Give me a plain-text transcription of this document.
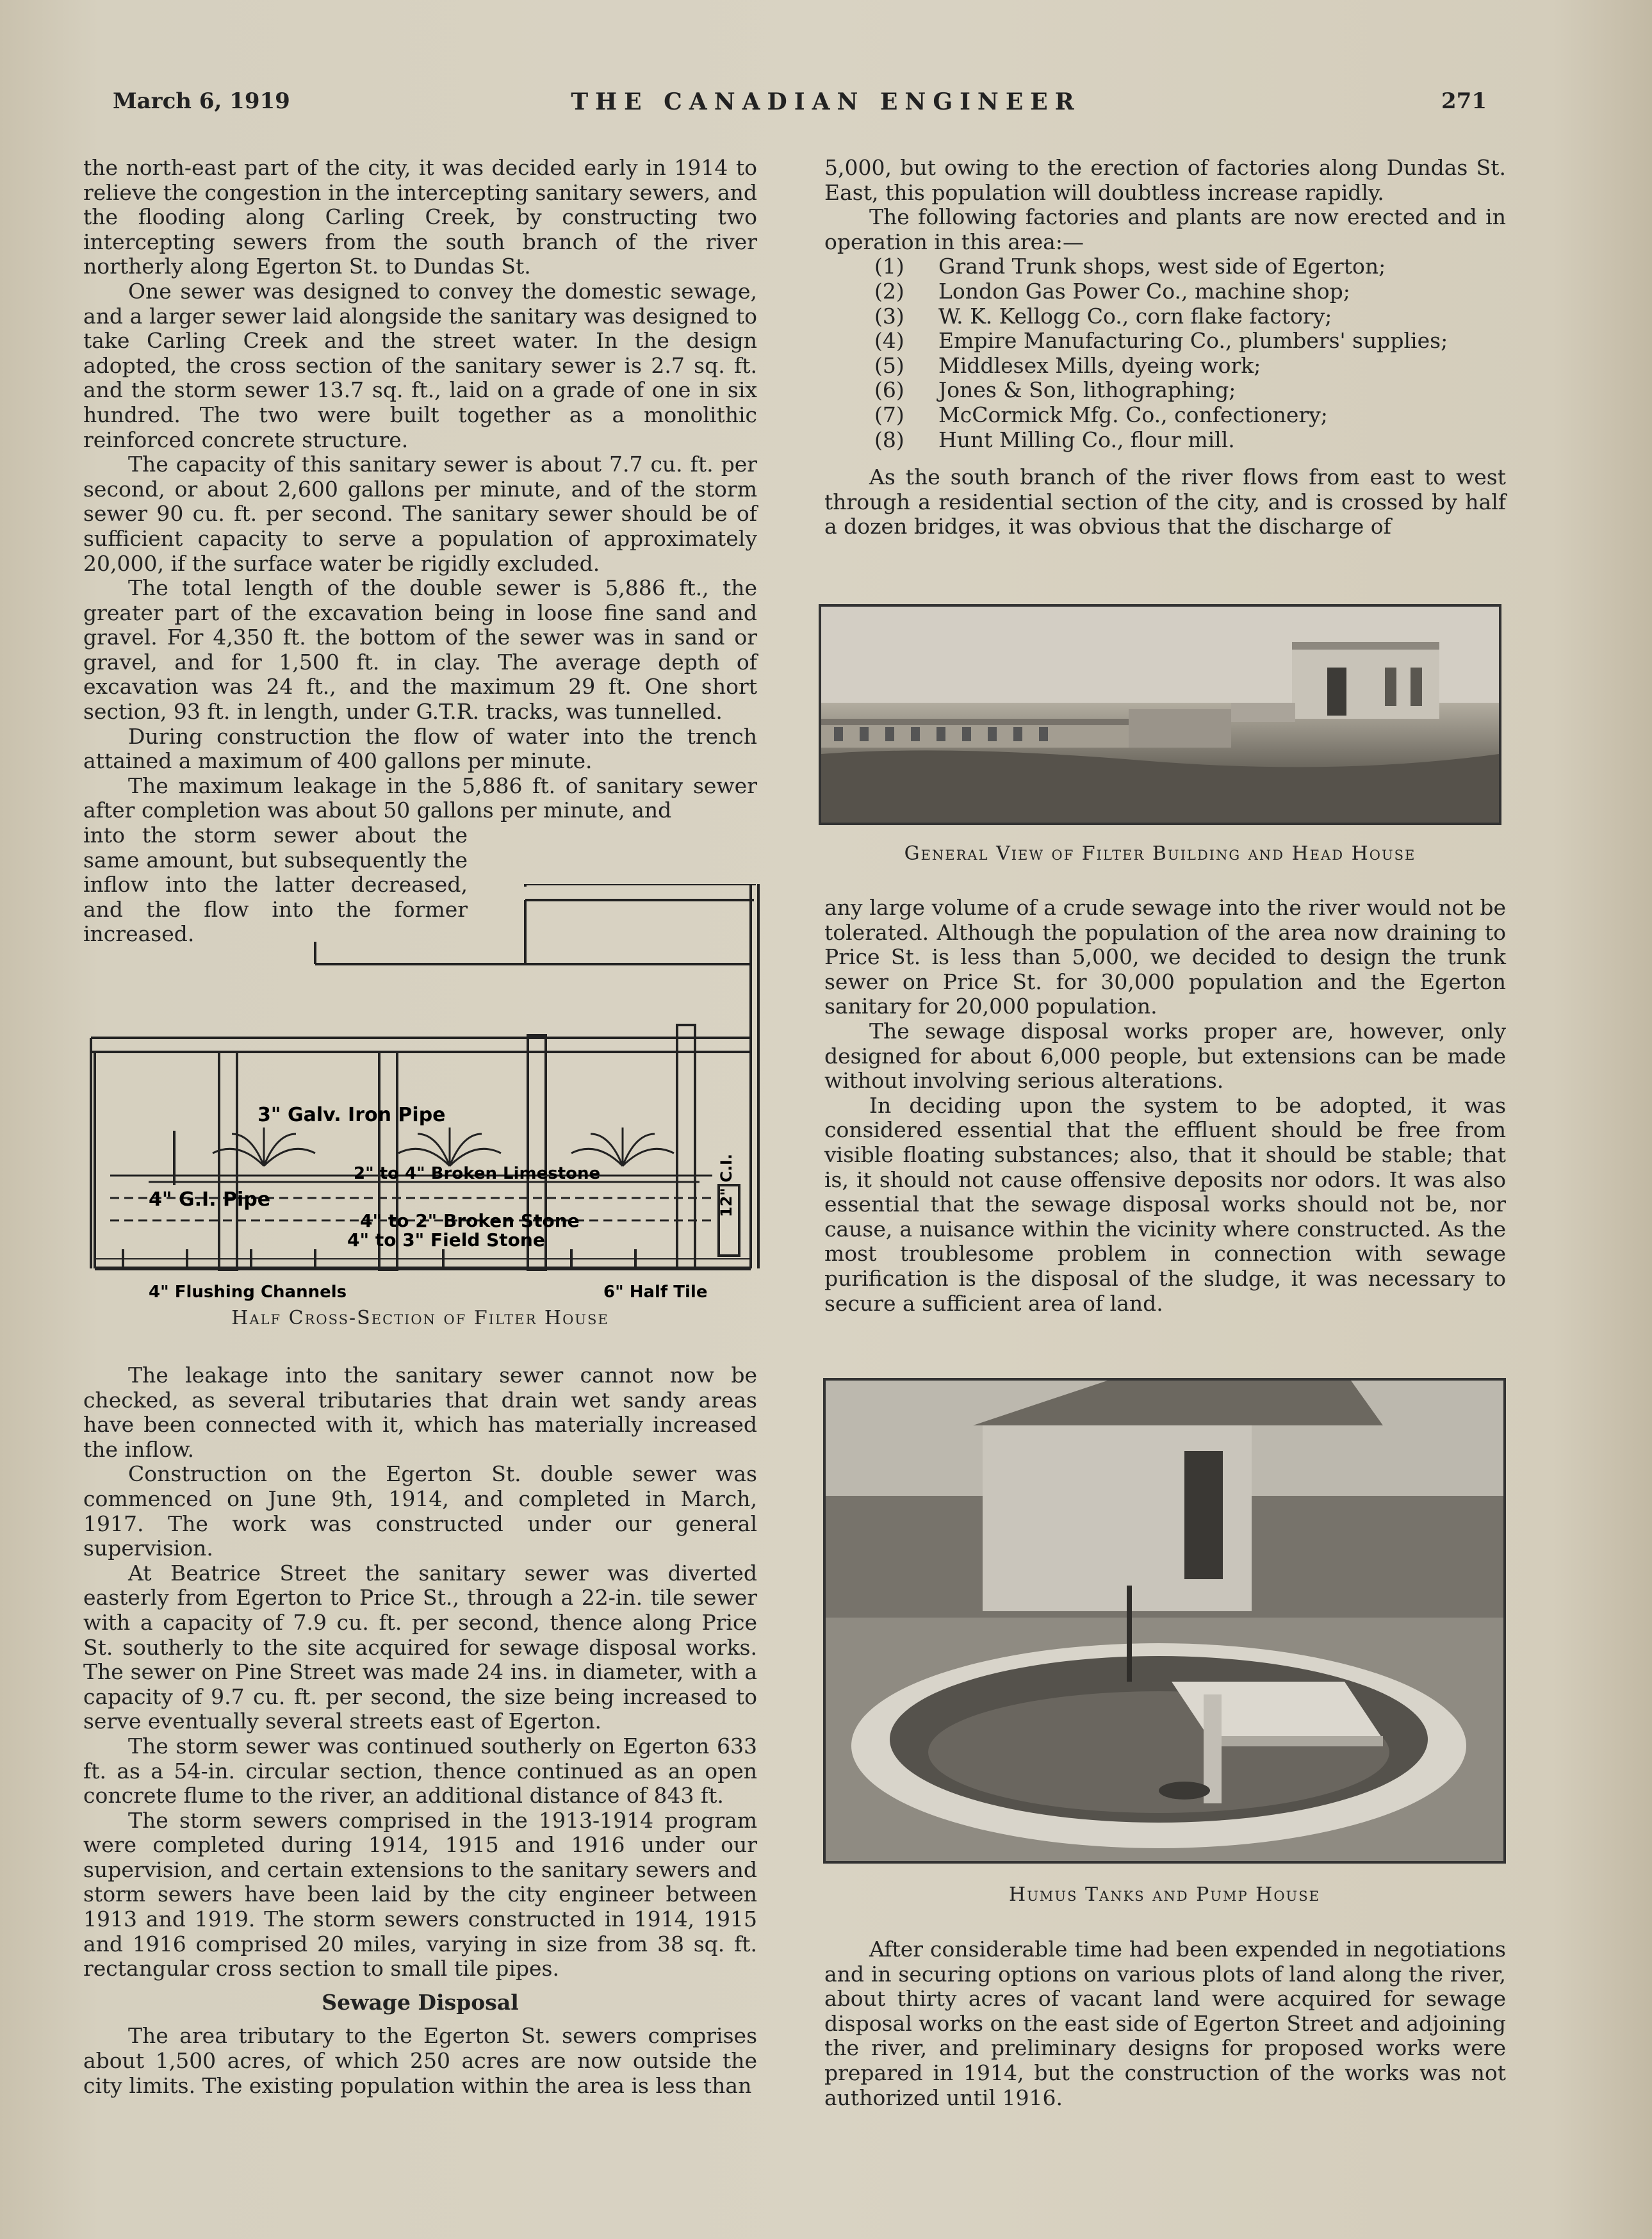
March 6, 1919	THE CANADIAN ENGINEER	271

the north-east part of the city, it was decided early in 1914 to relieve the congestion in the intercepting sanitary sewers, and the flooding along Carling Creek, by constructing two intercepting sewers from the south branch of the river northerly along Egerton St. to Dundas St.

One sewer was designed to convey the domestic sewage, and a larger sewer laid alongside the sanitary was designed to take Carling Creek and the street water. In the design adopted, the cross section of the sanitary sewer is 2.7 sq. ft. and the storm sewer 13.7 sq. ft., laid on a grade of one in six hundred. The two were built together as a monolithic reinforced concrete structure.

The capacity of this sanitary sewer is about 7.7 cu. ft. per second, or about 2,600 gallons per minute, and of the storm sewer 90 cu. ft. per second. The sanitary sewer should be of sufficient capacity to serve a population of approximately 20,000, if the surface water be rigidly excluded.

The total length of the double sewer is 5,886 ft., the greater part of the excavation being in loose fine sand and gravel. For 4,350 ft. the bottom of the sewer was in sand or gravel, and for 1,500 ft. in clay. The average depth of excavation was 24 ft., and the maximum 29 ft. One short section, 93 ft. in length, under G.T.R. tracks, was tunnelled.

During construction the flow of water into the trench attained a maximum of 400 gallons per minute.

The maximum leakage in the 5,886 ft. of sanitary sewer after completion was about 50 gallons per minute, and

into the storm sewer about the same amount, but subsequently the inflow into the latter decreased, and the flow into the former increased.

3" Galv. Iron Pipe
2" to 4" Broken Limestone
4" G.I. Pipe
4" to 2" Broken Stone
4" to 3" Field Stone
12" C.I.
4" Flushing Channels	6" Half Tile
Half Cross-Section of Filter House

The leakage into the sanitary sewer cannot now be checked, as several tributaries that drain wet sandy areas have been connected with it, which has materially increased the inflow.

Construction on the Egerton St. double sewer was commenced on June 9th, 1914, and completed in March, 1917. The work was constructed under our general supervision.

At Beatrice Street the sanitary sewer was diverted easterly from Egerton to Price St., through a 22-in. tile sewer with a capacity of 7.9 cu. ft. per second, thence along Price St. southerly to the site acquired for sewage disposal works. The sewer on Pine Street was made 24 ins. in diameter, with a capacity of 9.7 cu. ft. per second, the size being increased to serve eventually several streets east of Egerton.

The storm sewer was continued southerly on Egerton 633 ft. as a 54-in. circular section, thence continued as an open concrete flume to the river, an additional distance of 843 ft.

The storm sewers comprised in the 1913-1914 program were completed during 1914, 1915 and 1916 under our supervision, and certain extensions to the sanitary sewers and storm sewers have been laid by the city engineer between 1913 and 1919. The storm sewers constructed in 1914, 1915 and 1916 comprised 20 miles, varying in size from 38 sq. ft. rectangular cross section to small tile pipes.

Sewage Disposal

The area tributary to the Egerton St. sewers comprises about 1,500 acres, of which 250 acres are now outside the city limits. The existing population within the area is less than

5,000, but owing to the erection of factories along Dundas St. East, this population will doubtless increase rapidly.

The following factories and plants are now erected and in operation in this area:—

(1)	Grand Trunk shops, west side of Egerton;
(2)	London Gas Power Co., machine shop;
(3)	W. K. Kellogg Co., corn flake factory;
(4)	Empire Manufacturing Co., plumbers' supplies;
(5)	Middlesex Mills, dyeing work;
(6)	Jones & Son, lithographing;
(7)	McCormick Mfg. Co., confectionery;
(8)	Hunt Milling Co., flour mill.

As the south branch of the river flows from east to west through a residential section of the city, and is crossed by half a dozen bridges, it was obvious that the discharge of

General View of Filter Building and Head House

any large volume of a crude sewage into the river would not be tolerated. Although the population of the area now draining to Price St. is less than 5,000, we decided to design the trunk sewer on Price St. for 30,000 population and the Egerton sanitary for 20,000 population.

The sewage disposal works proper are, however, only designed for about 6,000 people, but extensions can be made without involving serious alterations.

In deciding upon the system to be adopted, it was considered essential that the effluent should be free from visible floating substances; also, that it should be stable; that is, it should not cause offensive deposits nor odors. It was also essential that the sewage disposal works should not be, nor cause, a nuisance within the vicinity where constructed. As the most troublesome problem in connection with sewage purification is the disposal of the sludge, it was necessary to secure a sufficient area of land.

Humus Tanks and Pump House

After considerable time had been expended in negotiations and in securing options on various plots of land along the river, about thirty acres of vacant land were acquired for sewage disposal works on the east side of Egerton Street and adjoining the river, and preliminary designs for proposed works were prepared in 1914, but the construction of the works was not authorized until 1916.
